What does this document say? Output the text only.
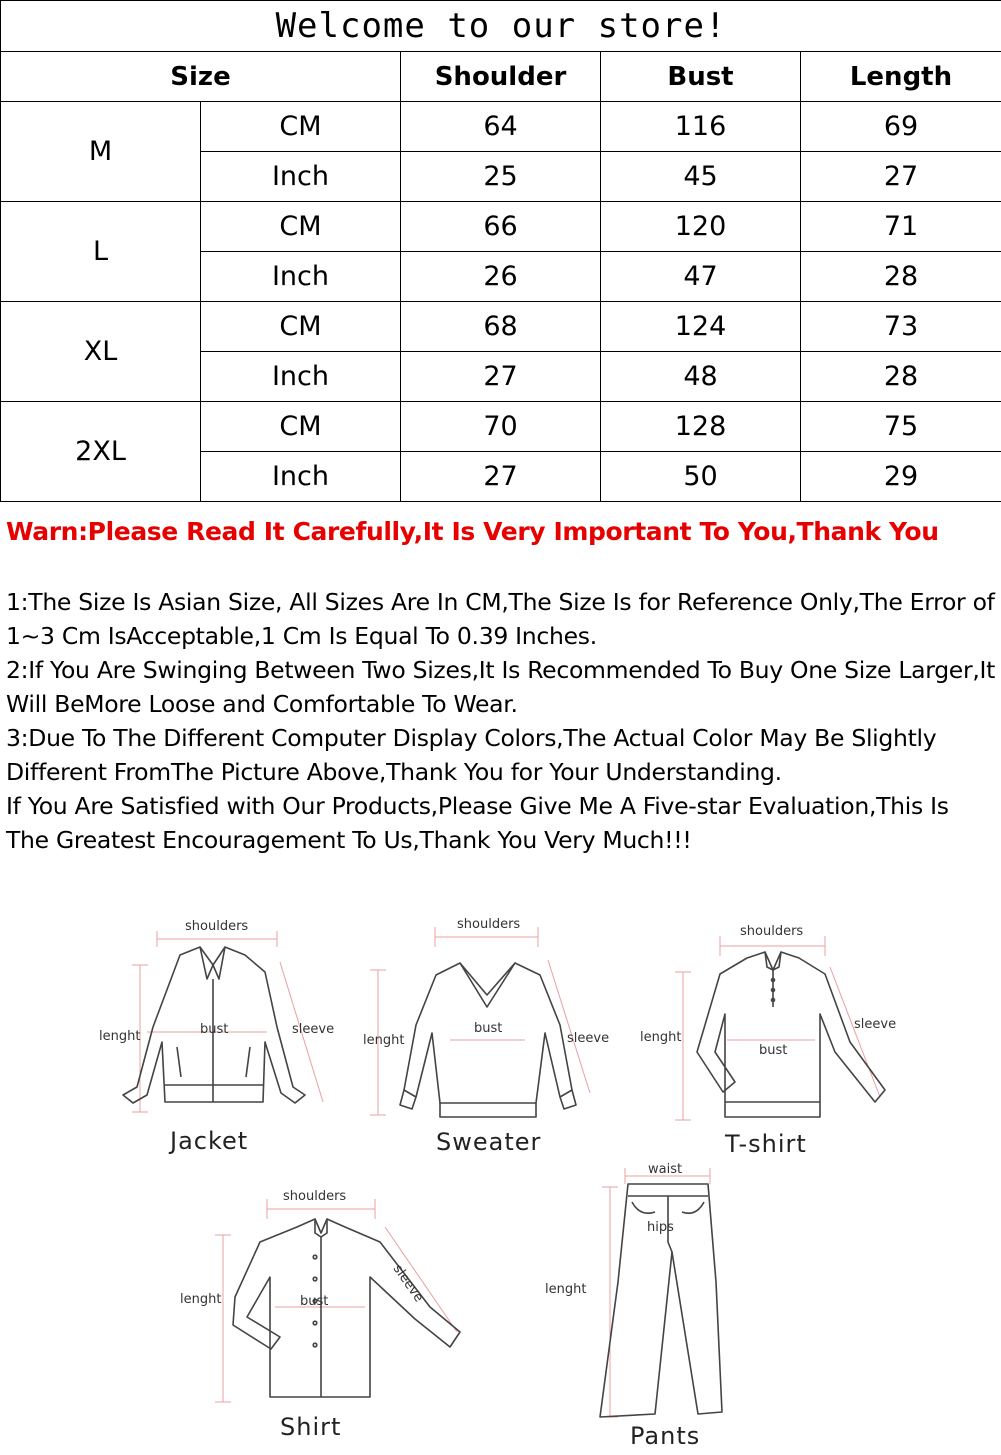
Welcome to our store!				
Size		Shoulder	Bust	Length
M	CM	64	116	69
	Inch	25	45	27
L	CM	66	120	71
	Inch	26	47	28
XL	CM	68	124	73
	Inch	27	48	28
2XL	CM	70	128	75
	Inch	27	50	29
Warn:Please Read It Carefully,It Is Very Important To You,Thank You

1:The Size Is Asian Size, All Sizes Are In CM,The Size Is for Reference Only,The Error of 1~3 Cm IsAcceptable,1 Cm Is Equal To 0.39 Inches.

2:If You Are Swinging Between Two Sizes,It Is Recommended To Buy One Size Larger,It Will BeMore Loose and Comfortable To Wear.

3:Due To The Different Computer Display Colors,The Actual Color May Be Slightly Different FromThe Picture Above,Thank You for Your Understanding.

If You Are Satisfied with Our Products,Please Give Me A Five-star Evaluation,This Is The Greatest Encouragement To Us,Thank You Very Much!!!

shoulders
lenght	bust	sleeve
Jacket
shoulders
lenght
bust
sleeve
Sweater
shoulders
lenght
bust
sleeve
T-shirt
shoulders
lenght	bust	sleeve
Shirt
waist
hips
lenght
Pants
